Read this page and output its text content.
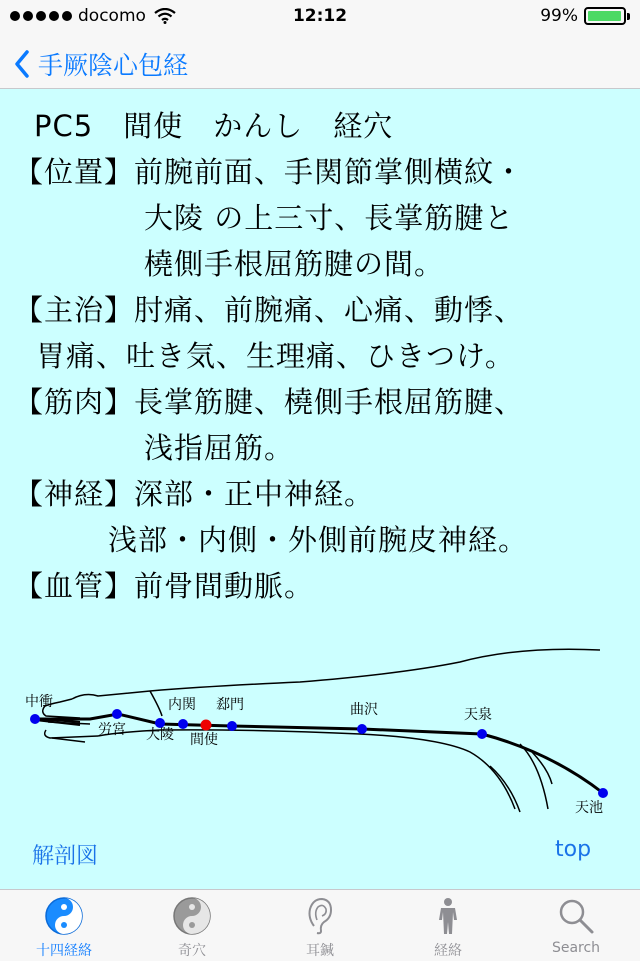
docomo	12:12	99%
手厥陰心包経
PC5　間使　かんし　経穴
【位置】前腕前面、手関節掌側横紋・
大陵 の上三寸、長掌筋腱と
橈側手根屈筋腱の間。
【主治】肘痛、前腕痛、心痛、動悸、
胃痛、吐き気、生理痛、ひきつけ。
【筋肉】長掌筋腱、橈側手根屈筋腱、
浅指屈筋。
【神経】深部・正中神経。
浅部・内側・外側前腕皮神経。
【血管】前骨間動脈。
中衝
労宮 大陵
内関
間使
郄門	曲沢	天泉
天池
解剖図	top
十四経絡	奇穴	耳鍼	経絡	Search
